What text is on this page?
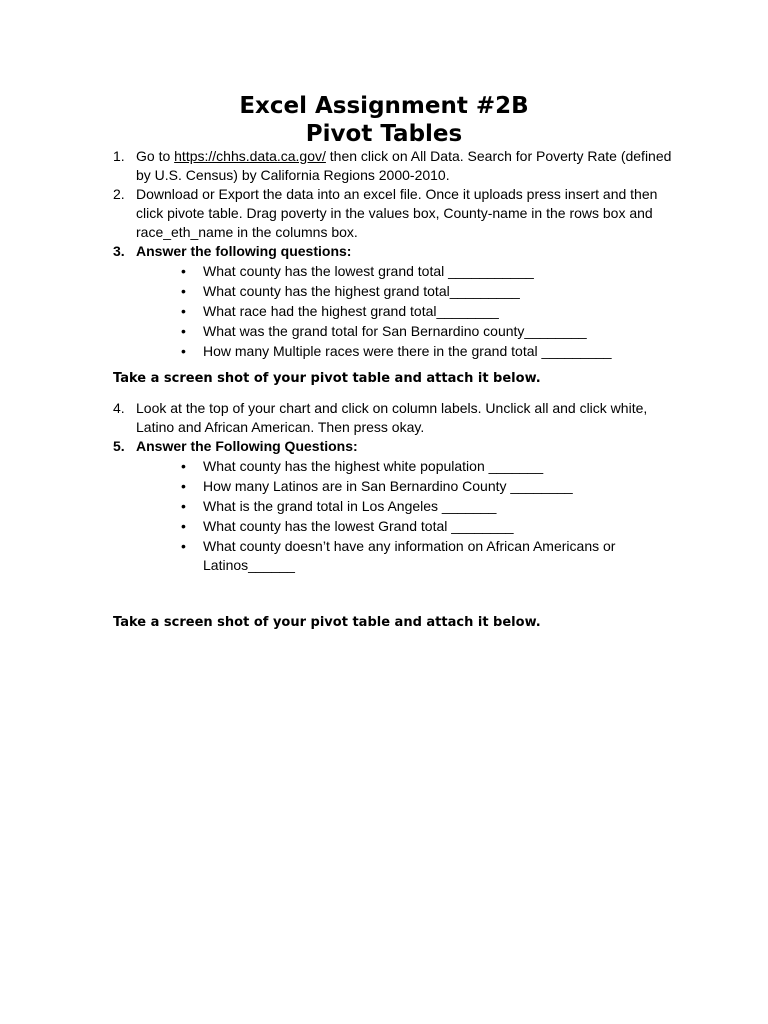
Excel Assignment #2B
Pivot Tables
1. Go to https://chhs.data.ca.gov/ then click on All Data. Search for Poverty Rate (defined by U.S. Census) by California Regions 2000-2010.
2. Download or Export the data into an excel file. Once it uploads press insert and then click pivote table. Drag poverty in the values box, County-name in the rows box and race_eth_name in the columns box.
3. Answer the following questions:
• What county has the lowest grand total ___________
• What county has the highest grand total_________
• What race had the highest grand total________
• What was the grand total for San Bernardino county________
• How many Multiple races were there in the grand total _________

Take a screen shot of your pivot table and attach it below.

4. Look at the top of your chart and click on column labels. Unclick all and click white, Latino and African American. Then press okay.
5. Answer the Following Questions:
• What county has the highest white population _______
• How many Latinos are in San Bernardino County ________
• What is the grand total in Los Angeles _______
• What county has the lowest Grand total ________
• What county doesn’t have any information on African Americans or Latinos______

Take a screen shot of your pivot table and attach it below.
